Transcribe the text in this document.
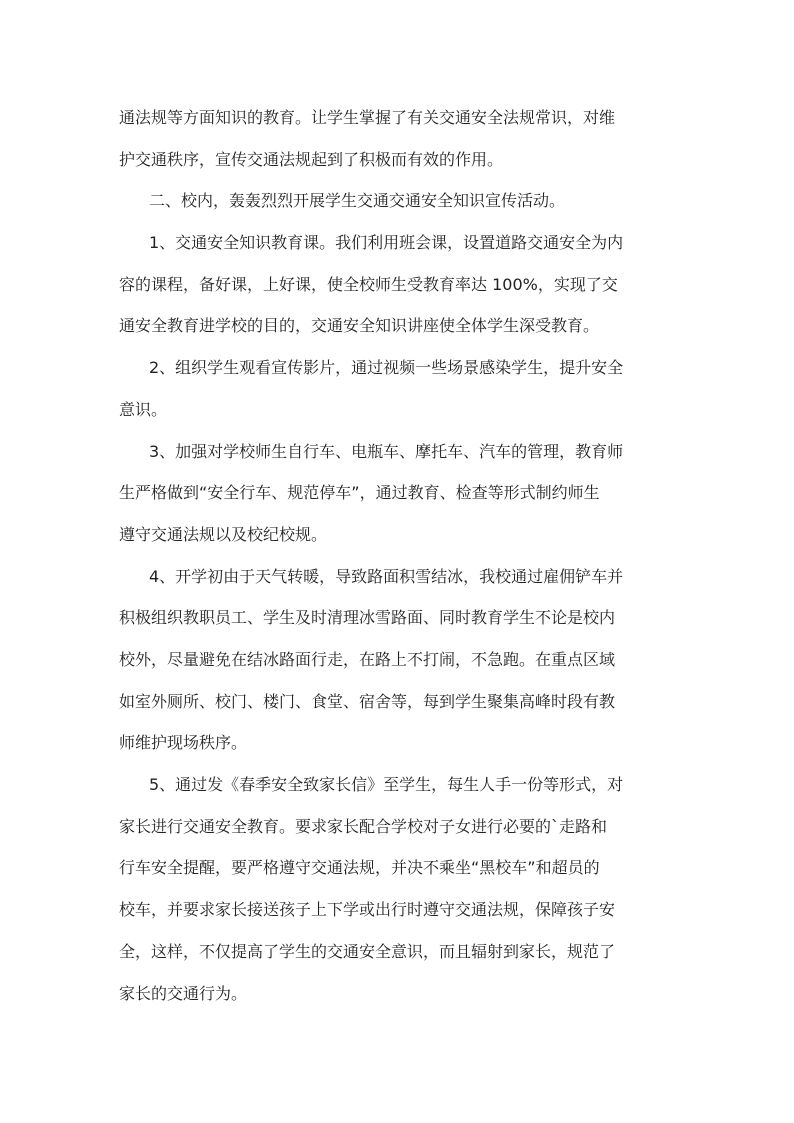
通法规等方面知识的教育。让学生掌握了有关交通安全法规常识，对维
护交通秩序，宣传交通法规起到了积极而有效的作用。
二、校内，轰轰烈烈开展学生交通交通安全知识宣传活动。
1、交通安全知识教育课。我们利用班会课，设置道路交通安全为内
容的课程，备好课，上好课，使全校师生受教育率达 100%，实现了交
通安全教育进学校的目的，交通安全知识讲座使全体学生深受教育。
2、组织学生观看宣传影片，通过视频一些场景感染学生，提升安全
意识。
3、加强对学校师生自行车、电瓶车、摩托车、汽车的管理，教育师
生严格做到“安全行车、规范停车”，通过教育、检查等形式制约师生
遵守交通法规以及校纪校规。
4、开学初由于天气转暖，导致路面积雪结冰，我校通过雇佣铲车并
积极组织教职员工、学生及时清理冰雪路面、同时教育学生不论是校内
校外，尽量避免在结冰路面行走，在路上不打闹，不急跑。在重点区域
如室外厕所、校门、楼门、食堂、宿舍等，每到学生聚集高峰时段有教
师维护现场秩序。
5、通过发《春季安全致家长信》至学生，每生人手一份等形式，对
家长进行交通安全教育。要求家长配合学校对子女进行必要的`走路和
行车安全提醒，要严格遵守交通法规，并决不乘坐“黑校车”和超员的
校车，并要求家长接送孩子上下学或出行时遵守交通法规，保障孩子安
全，这样，不仅提高了学生的交通安全意识，而且辐射到家长，规范了
家长的交通行为。
